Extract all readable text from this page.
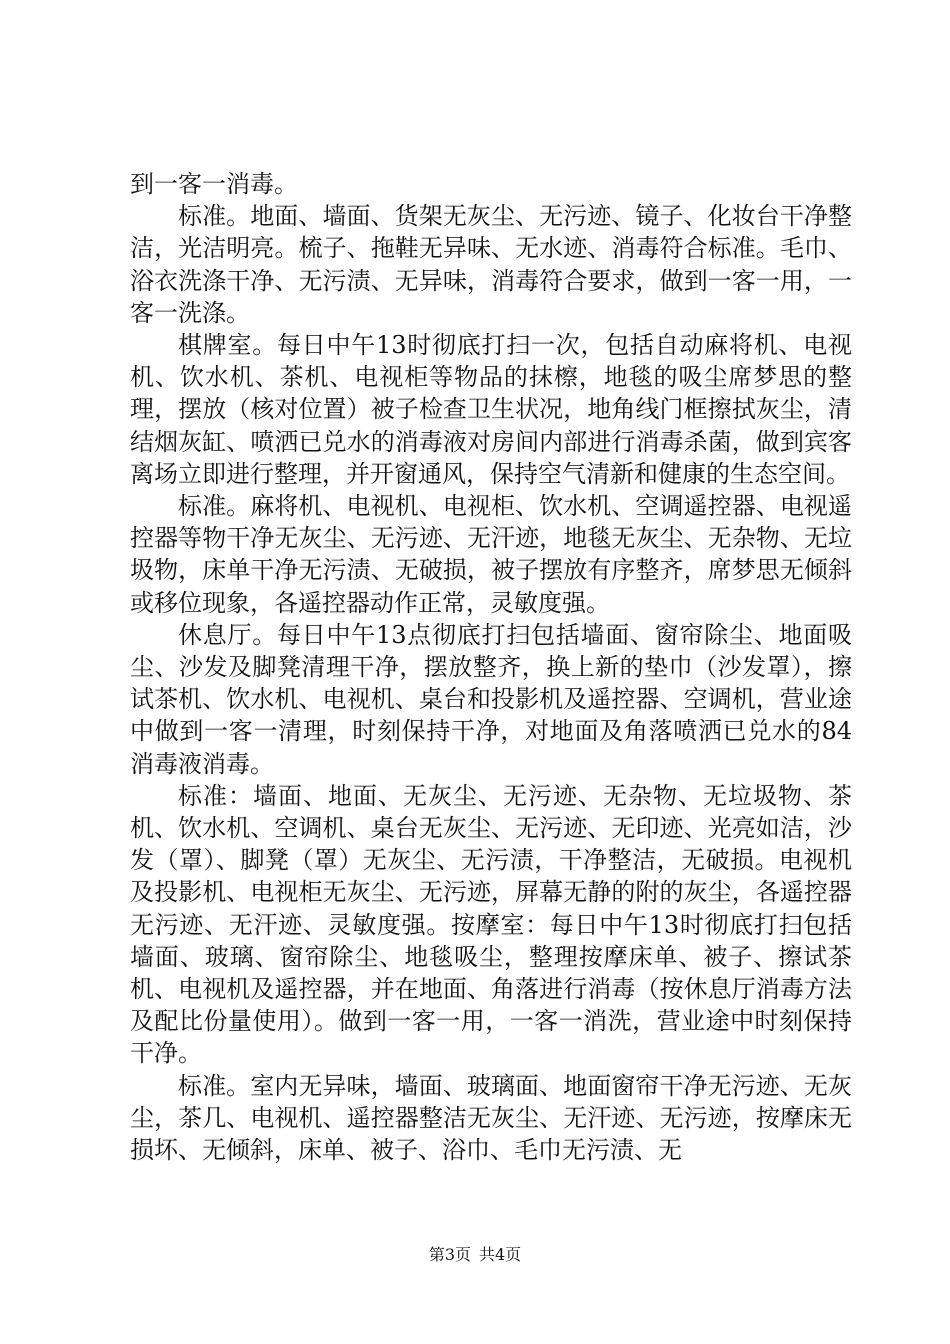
到一客一消毒。

标准。地面、墙面、货架无灰尘、无污迹、镜子、化妆台干净整洁，光洁明亮。梳子、拖鞋无异味、无水迹、消毒符合标准。毛巾、浴衣洗涤干净、无污渍、无异味，消毒符合要求，做到一客一用，一客一洗涤。

棋牌室。每日中午13时彻底打扫一次，包括自动麻将机、电视机、饮水机、茶机、电视柜等物品的抹檫，地毯的吸尘席梦思的整理，摆放（核对位置）被子检查卫生状况，地角线门框擦拭灰尘，清结烟灰缸、喷洒已兑水的消毒液对房间内部进行消毒杀菌，做到宾客离场立即进行整理，并开窗通风，保持空气清新和健康的生态空间。

标准。麻将机、电视机、电视柜、饮水机、空调遥控器、电视遥控器等物干净无灰尘、无污迹、无汗迹，地毯无灰尘、无杂物、无垃圾物，床单干净无污渍、无破损，被子摆放有序整齐，席梦思无倾斜或移位现象，各遥控器动作正常，灵敏度强。

休息厅。每日中午13点彻底打扫包括墙面、窗帘除尘、地面吸尘、沙发及脚凳清理干净，摆放整齐，换上新的垫巾（沙发罩），擦试茶机、饮水机、电视机、桌台和投影机及遥控器、空调机，营业途中做到一客一清理，时刻保持干净，对地面及角落喷洒已兑水的84消毒液消毒。

标准：墙面、地面、无灰尘、无污迹、无杂物、无垃圾物、茶机、饮水机、空调机、桌台无灰尘、无污迹、无印迹、光亮如洁，沙发（罩）、脚凳（罩）无灰尘、无污渍，干净整洁，无破损。电视机及投影机、电视柜无灰尘、无污迹，屏幕无静的附的灰尘，各遥控器无污迹、无汗迹、灵敏度强。按摩室：每日中午13时彻底打扫包括墙面、玻璃、窗帘除尘、地毯吸尘，整理按摩床单、被子、擦试茶机、电视机及遥控器，并在地面、角落进行消毒（按休息厅消毒方法及配比份量使用）。做到一客一用，一客一消洗，营业途中时刻保持干净。

标准。室内无异味，墙面、玻璃面、地面窗帘干净无污迹、无灰尘，茶几、电视机、遥控器整洁无灰尘、无汗迹、无污迹，按摩床无损坏、无倾斜，床单、被子、浴巾、毛巾无污渍、无

第3页 共4页
